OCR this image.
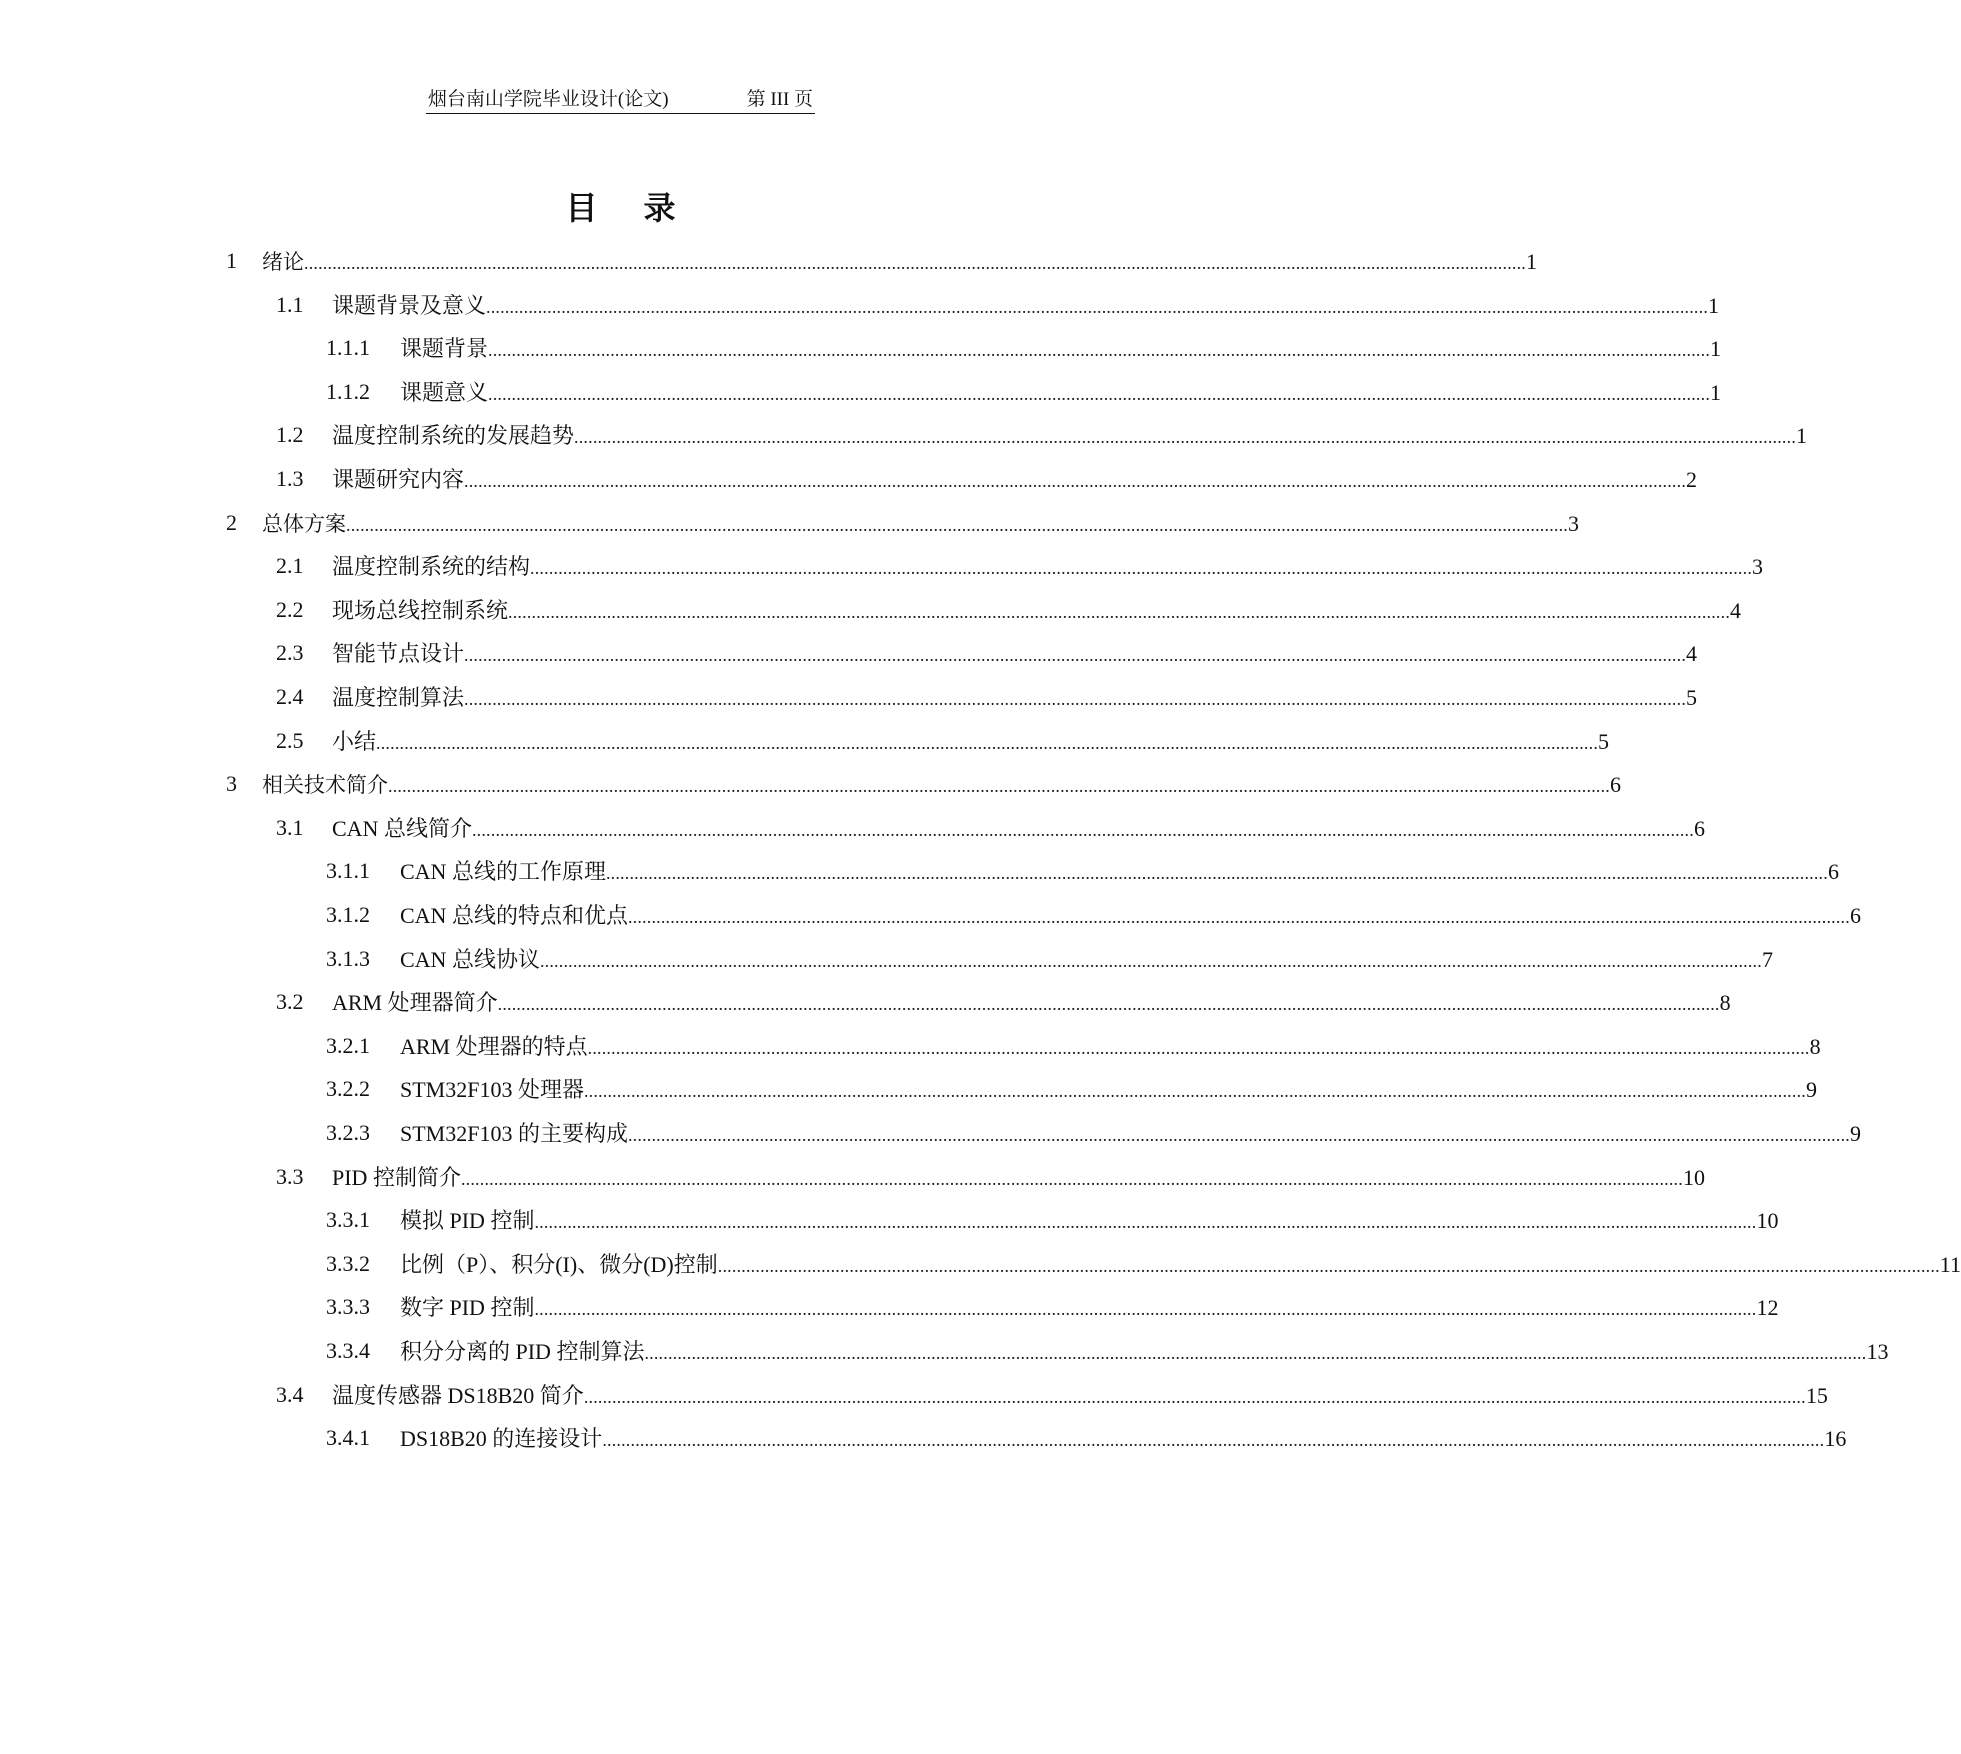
烟台南山学院毕业设计(论文)	第 III 页
目录
1 绪论 .................................................................................................................................................................................................................................................................... 1
1.1 课题背景及意义 .................................................................................................................................................................................................................................................................... 1
1.1.1 课题背景 .................................................................................................................................................................................................................................................................... 1
1.1.2 课题意义 .................................................................................................................................................................................................................................................................... 1
1.2 温度控制系统的发展趋势 .................................................................................................................................................................................................................................................................... 1
1.3 课题研究内容 .................................................................................................................................................................................................................................................................... 2
2 总体方案 .................................................................................................................................................................................................................................................................... 3
2.1 温度控制系统的结构 .................................................................................................................................................................................................................................................................... 3
2.2 现场总线控制系统 .................................................................................................................................................................................................................................................................... 4
2.3 智能节点设计 .................................................................................................................................................................................................................................................................... 4
2.4 温度控制算法 .................................................................................................................................................................................................................................................................... 5
2.5 小结 .................................................................................................................................................................................................................................................................... 5
3 相关技术简介 .................................................................................................................................................................................................................................................................... 6
3.1 CAN 总线简介 .................................................................................................................................................................................................................................................................... 6
3.1.1 CAN 总线的工作原理 .................................................................................................................................................................................................................................................................... 6
3.1.2 CAN 总线的特点和优点 .................................................................................................................................................................................................................................................................... 6
3.1.3 CAN 总线协议 .................................................................................................................................................................................................................................................................... 7
3.2 ARM 处理器简介 .................................................................................................................................................................................................................................................................... 8
3.2.1 ARM 处理器的特点 .................................................................................................................................................................................................................................................................... 8
3.2.2 STM32F103 处理器 .................................................................................................................................................................................................................................................................... 9
3.2.3 STM32F103 的主要构成 .................................................................................................................................................................................................................................................................... 9
3.3 PID 控制简介 .................................................................................................................................................................................................................................................................... 10
3.3.1 模拟 PID 控制 .................................................................................................................................................................................................................................................................... 10
3.3.2 比例（P）、积分(I)、微分(D)控制 .................................................................................................................................................................................................................................................................... 11
3.3.3 数字 PID 控制 .................................................................................................................................................................................................................................................................... 12
3.3.4 积分分离的 PID 控制算法 .................................................................................................................................................................................................................................................................... 13
3.4 温度传感器 DS18B20 简介 .................................................................................................................................................................................................................................................................... 15
3.4.1 DS18B20 的连接设计 .................................................................................................................................................................................................................................................................... 16
